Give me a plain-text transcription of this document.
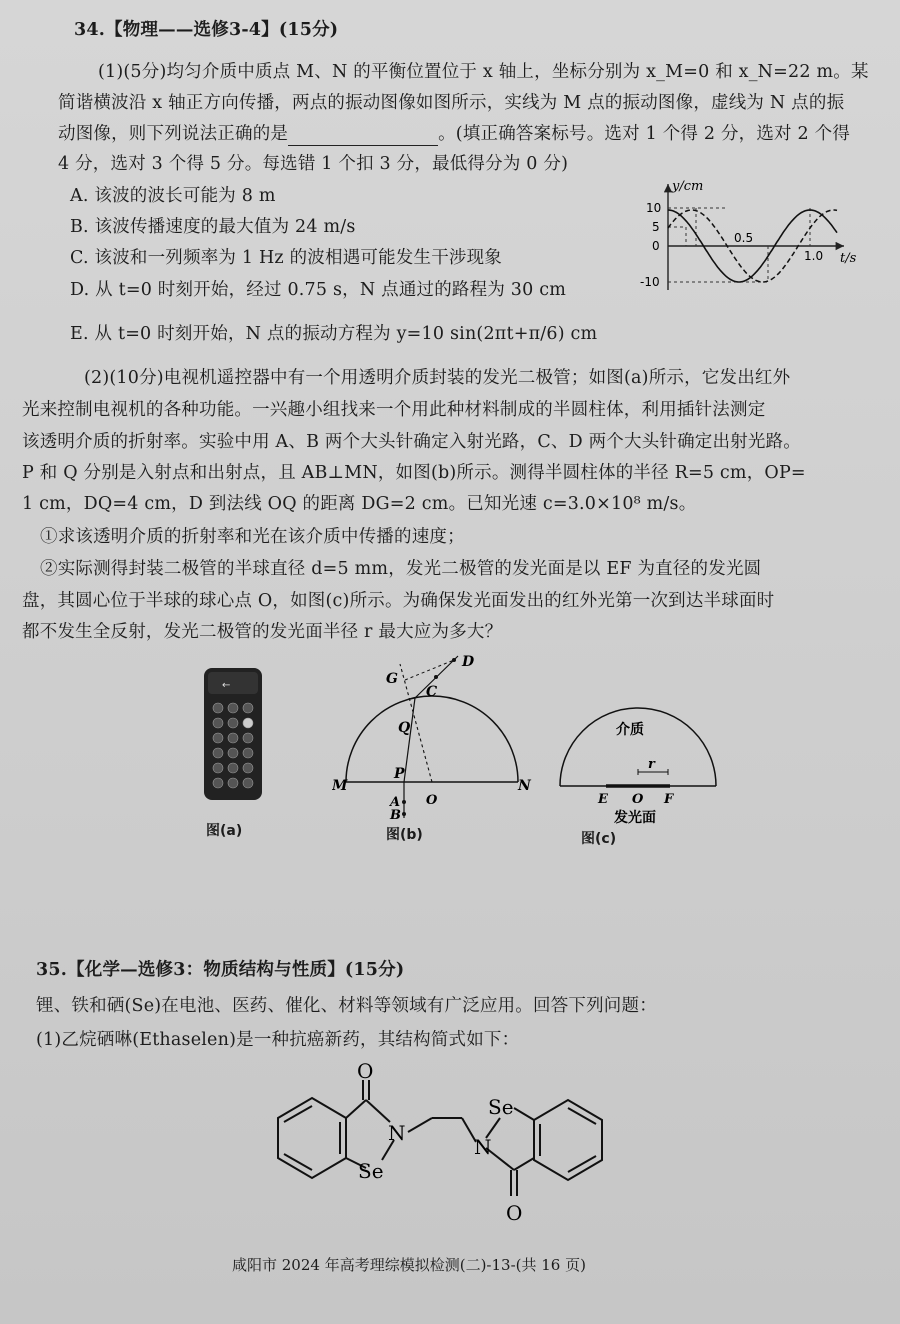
34.【物理——选修3-4】(15分)
(1)(5分)均匀介质中质点 M、N 的平衡位置位于 x 轴上，坐标分别为 x_M=0 和 x_N=22 m。某
简谐横波沿 x 轴正方向传播，两点的振动图像如图所示，实线为 M 点的振动图像，虚线为 N 点的振
动图像，则下列说法正确的是	。(填正确答案标号。选对 1 个得 2 分，选对 2 个得
4 分，选对 3 个得 5 分。每选错 1 个扣 3 分，最低得分为 0 分)
A. 该波的波长可能为 8 m
B. 该波传播速度的最大值为 24 m/s
C. 该波和一列频率为 1 Hz 的波相遇可能发生干涉现象
D. 从 t=0 时刻开始，经过 0.75 s，N 点通过的路程为 30 cm
E. 从 t=0 时刻开始，N 点的振动方程为 y=10 sin(2πt+π/6) cm
y/cm
t/s
10
5
0
-10
0.5
1.0
(2)(10分)电视机遥控器中有一个用透明介质封装的发光二极管；如图(a)所示，它发出红外
光来控制电视机的各种功能。一兴趣小组找来一个用此种材料制成的半圆柱体，利用插针法测定
该透明介质的折射率。实验中用 A、B 两个大头针确定入射光路，C、D 两个大头针确定出射光路。
P 和 Q 分别是入射点和出射点，且 AB⊥MN，如图(b)所示。测得半圆柱体的半径 R=5 cm，OP=
1 cm，DQ=4 cm，D 到法线 OQ 的距离 DG=2 cm。已知光速 c=3.0×10⁸ m/s。
①求该透明介质的折射率和光在该介质中传播的速度；
②实际测得封装二极管的半球直径 d=5 mm，发光二极管的发光面是以 EF 为直径的发光圆
盘，其圆心位于半球的球心点 O，如图(c)所示。为确保发光面发出的红外光第一次到达半球面时
都不发生全反射，发光二极管的发光面半径 r 最大应为多大？
←
图(a)
G
D
C
Q
P
M	N
A
B
O
图(b)
介质
r
E O F
发光面
图(c)
35.【化学—选修3：物质结构与性质】(15分)
锂、铁和硒(Se)在电池、医药、催化、材料等领域有广泛应用。回答下列问题：
(1)乙烷硒啉(Ethaselen)是一种抗癌新药，其结构简式如下：
O
N
Se
N
Se
O
咸阳市 2024 年高考理综模拟检测(二)-13-(共 16 页)
